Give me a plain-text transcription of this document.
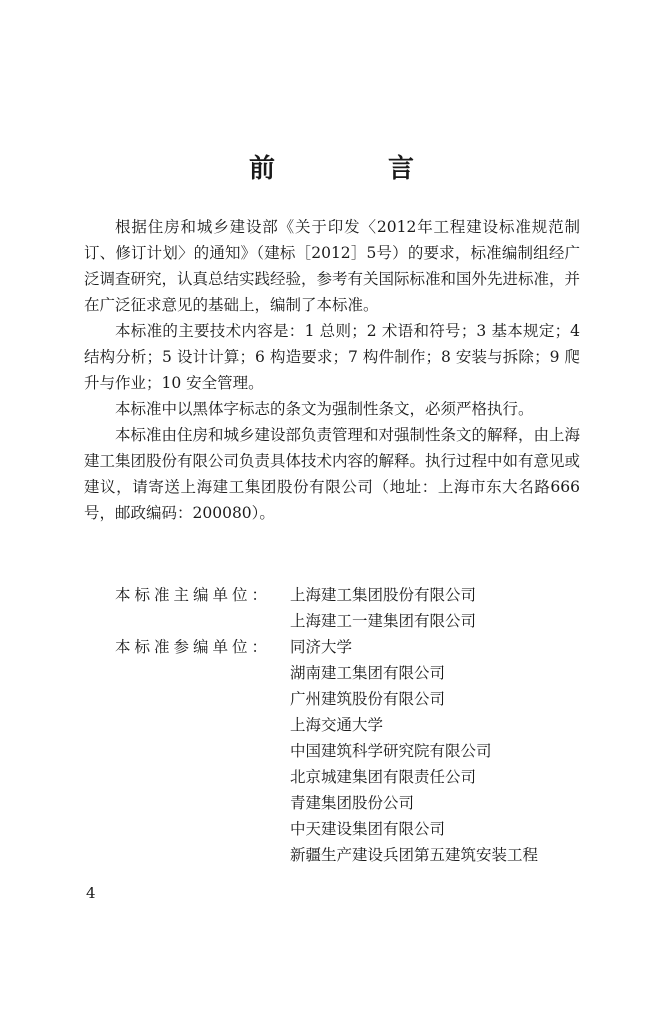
前 言

根据住房和城乡建设部《关于印发〈2012年工程建设标准规范制订、修订计划〉的通知》（建标［2012］5号）的要求，标准编制组经广泛调查研究，认真总结实践经验，参考有关国际标准和国外先进标准，并在广泛征求意见的基础上，编制了本标准。

本标准的主要技术内容是：1 总则；2 术语和符号；3 基本规定；4 结构分析；5 设计计算；6 构造要求；7 构件制作；8 安装与拆除；9 爬升与作业；10 安全管理。

本标准中以黑体字标志的条文为强制性条文，必须严格执行。

本标准由住房和城乡建设部负责管理和对强制性条文的解释，由上海建工集团股份有限公司负责具体技术内容的解释。执行过程中如有意见或建议，请寄送上海建工集团股份有限公司（地址：上海市东大名路666号，邮政编码：200080）。

本标准主编单位：	上海建工集团股份有限公司
上海建工一建集团有限公司
本标准参编单位：	同济大学
湖南建工集团有限公司
广州建筑股份有限公司
上海交通大学
中国建筑科学研究院有限公司
北京城建集团有限责任公司
青建集团股份公司
中天建设集团有限公司
新疆生产建设兵团第五建筑安装工程
4
